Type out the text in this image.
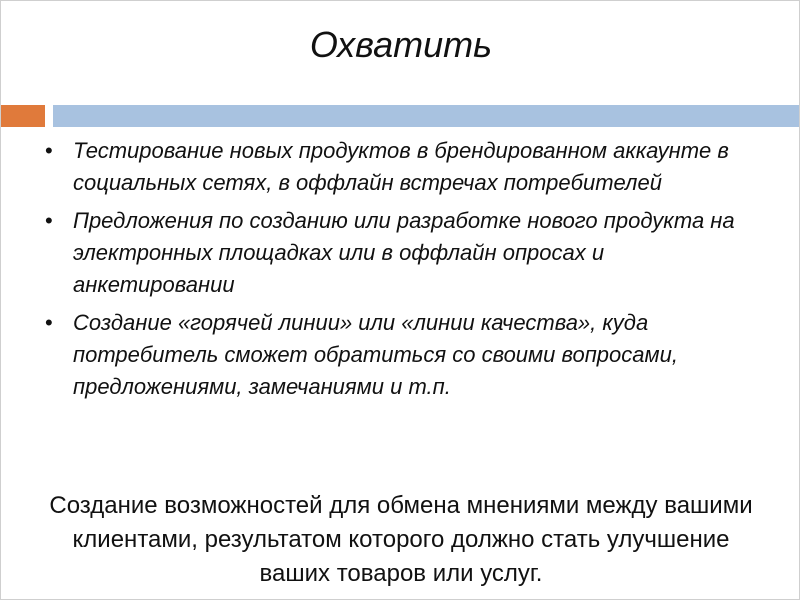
Охватить
• Тестирование новых продуктов в брендированном аккаунте в социальных сетях, в оффлайн встречах потребителей
• Предложения по созданию или разработке нового продукта на электронных площадках или в оффлайн опросах и анкетировании
• Создание «горячей линии» или «линии качества», куда потребитель сможет обратиться со своими вопросами, предложениями, замечаниями и т.п.

Создание возможностей для обмена мнениями между вашими клиентами, результатом которого должно стать улучшение ваших товаров или услуг.
